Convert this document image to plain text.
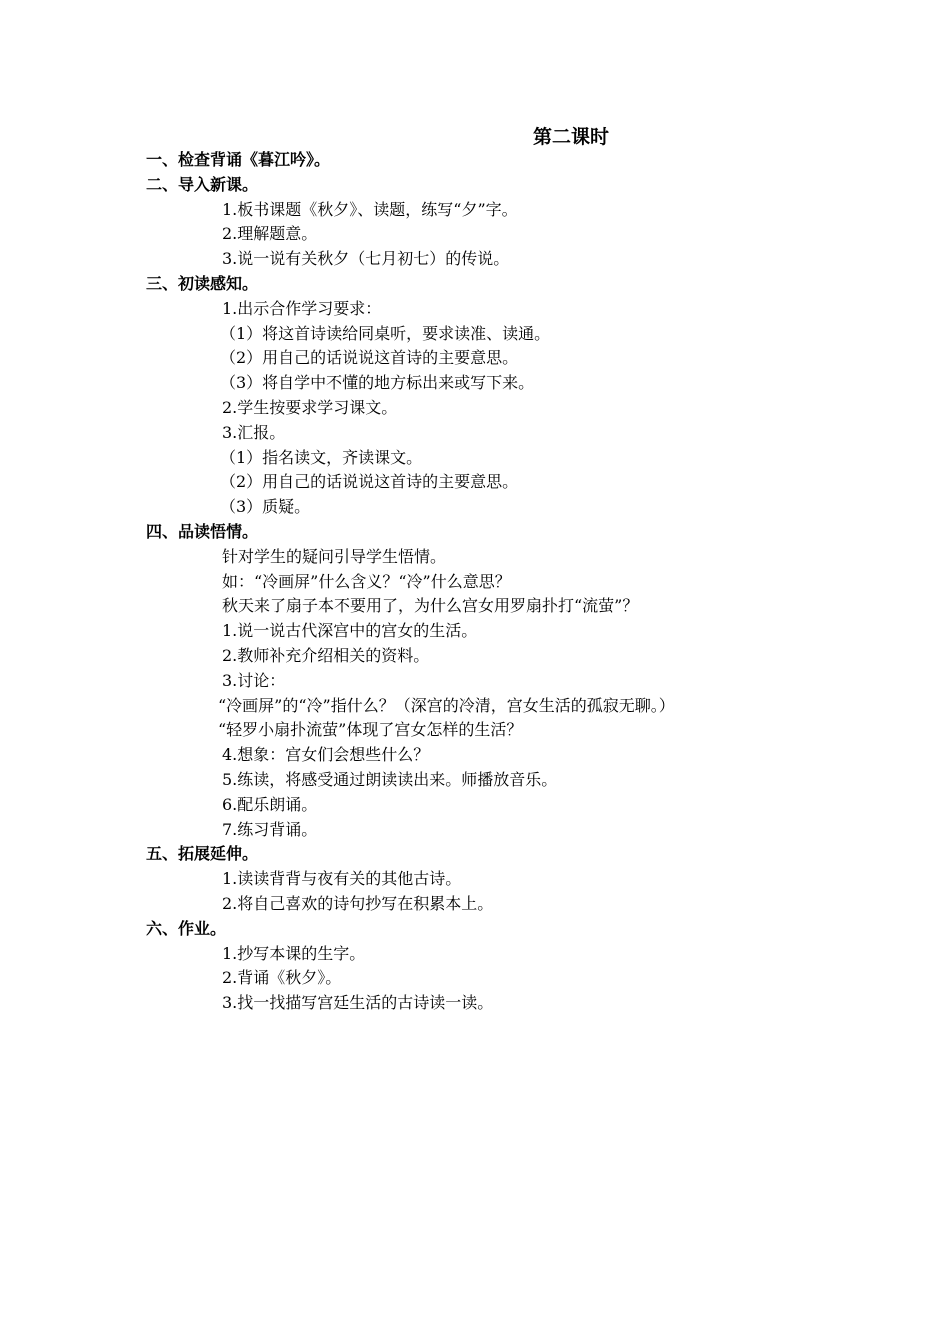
第二课时
一、检查背诵《暮江吟》。
二、导入新课。
1.板书课题《秋夕》、读题，练写“夕”字。
2.理解题意。
3.说一说有关秋夕（七月初七）的传说。
三、初读感知。
1.出示合作学习要求：
（1）将这首诗读给同桌听，要求读准、读通。
（2）用自己的话说说这首诗的主要意思。
（3）将自学中不懂的地方标出来或写下来。
2.学生按要求学习课文。
3.汇报。
（1）指名读文，齐读课文。
（2）用自己的话说说这首诗的主要意思。
（3）质疑。
四、品读悟情。
针对学生的疑问引导学生悟情。
如：“冷画屏”什么含义？“冷”什么意思？
秋天来了扇子本不要用了，为什么宫女用罗扇扑打“流萤”？
1.说一说古代深宫中的宫女的生活。
2.教师补充介绍相关的资料。
3.讨论：
“冷画屏”的“冷”指什么？（深宫的冷清，宫女生活的孤寂无聊。）
“轻罗小扇扑流萤”体现了宫女怎样的生活？
4.想象：宫女们会想些什么？
5.练读，将感受通过朗读读出来。师播放音乐。
6.配乐朗诵。
7.练习背诵。
五、拓展延伸。
1.读读背背与夜有关的其他古诗。
2.将自己喜欢的诗句抄写在积累本上。
六、作业。
1.抄写本课的生字。
2.背诵《秋夕》。
3.找一找描写宫廷生活的古诗读一读。
